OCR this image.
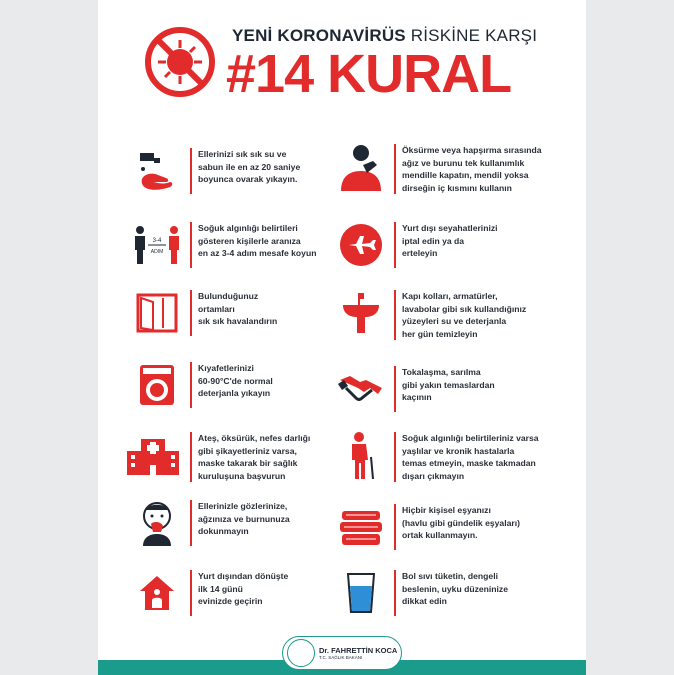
YENİ KORONAVİRÜS RİSKİNE KARŞI
#14 KURAL
Ellerinizi sık sık su ve
sabun ile en az 20 saniye
boyunca ovarak yıkayın.
3-4
ADIM
Soğuk algınlığı belirtileri
gösteren kişilerle aranıza
en az 3-4 adım mesafe koyun
Bulunduğunuz
ortamları
sık sık havalandırın
Kıyafetlerinizi
60-90°C'de normal
deterjanla yıkayın
Ateş, öksürük, nefes darlığı
gibi şikayetleriniz varsa,
maske takarak bir sağlık
kuruluşuna başvurun
Ellerinizle gözlerinize,
ağzınıza ve burnunuza
dokunmayın
Yurt dışından dönüşte
ilk 14 günü
evinizde geçirin
Öksürme veya hapşırma sırasında
ağız ve burunu tek kullanımlık
mendille kapatın, mendil yoksa
dirseğin iç kısmını kullanın
Yurt dışı seyahatlerinizi
iptal edin ya da
erteleyin
Kapı kolları, armatürler,
lavabolar gibi sık kullandığınız
yüzeyleri su ve deterjanla
her gün temizleyin
Tokalaşma, sarılma
gibi yakın temaslardan
kaçının
Soğuk algınlığı belirtileriniz varsa
yaşlılar ve kronik hastalarla
temas etmeyin, maske takmadan
dışarı çıkmayın
Hiçbir kişisel eşyanızı
(havlu gibi gündelik eşyaları)
ortak kullanmayın.
Bol sıvı tüketin, dengeli
beslenin, uyku düzeninize
dikkat edin
Dr. FAHRETTİN KOCA
T.C. SAĞLIK BAKANI
